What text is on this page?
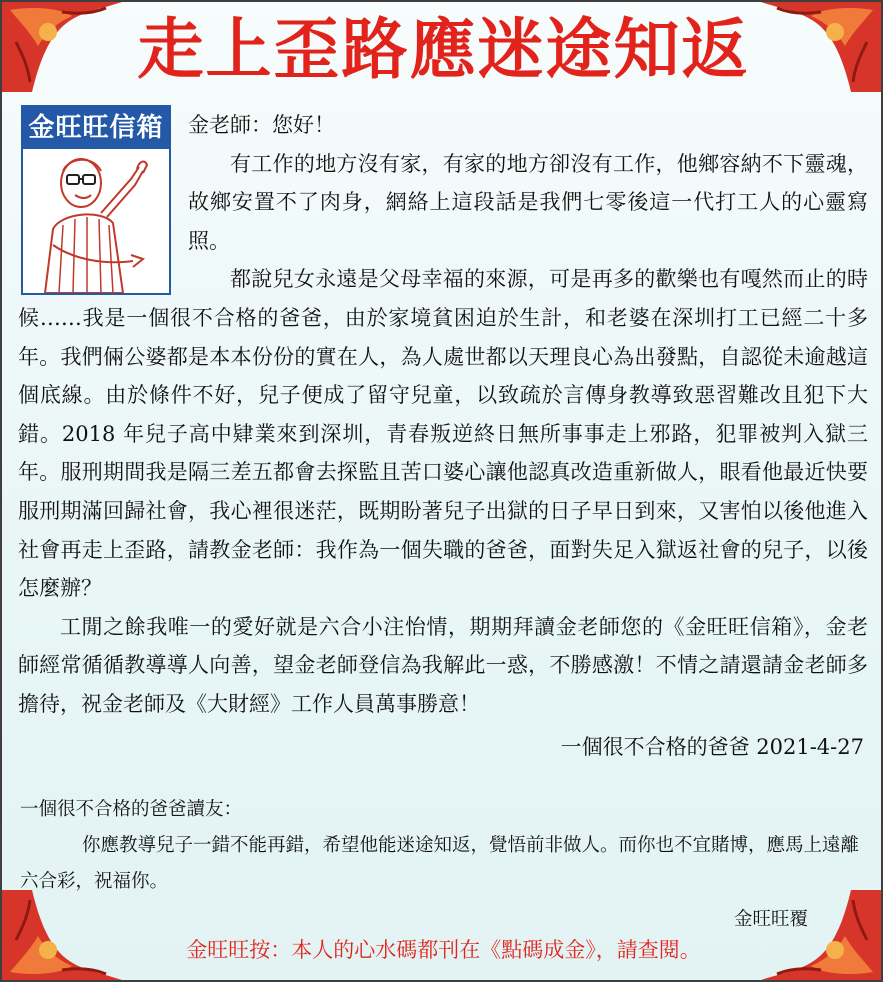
走上歪路應迷途知返
金旺旺信箱	金老師：您好！

有工作的地方沒有家，有家的地方卻沒有工作，他鄉容納不下靈魂，故鄉安置不了肉身，網絡上這段話是我們七零後這一代打工人的心靈寫照。

都說兒女永遠是父母幸福的來源，可是再多的歡樂也有嘎然而止的時候……我是一個很不合格的爸爸，由於家境貧困迫於生計，和老婆在深圳打工已經二十多年。我們倆公婆都是本本份份的實在人，為人處世都以天理良心為出發點，自認從未逾越這個底線。由於條件不好，兒子便成了留守兒童，以致疏於言傳身教導致惡習難改且犯下大錯。2018 年兒子高中肄業來到深圳，青春叛逆終日無所事事走上邪路，犯罪被判入獄三年。服刑期間我是隔三差五都會去探監且苦口婆心讓他認真改造重新做人，眼看他最近快要服刑期滿回歸社會，我心裡很迷茫，既期盼著兒子出獄的日子早日到來，又害怕以後他進入社會再走上歪路，請教金老師：我作為一個失職的爸爸，面對失足入獄返社會的兒子，以後怎麼辦？

工閒之餘我唯一的愛好就是六合小注怡情，期期拜讀金老師您的《金旺旺信箱》，金老師經常循循教導導人向善，望金老師登信為我解此一惑，不勝感激！不情之請還請金老師多擔待，祝金老師及《大財經》工作人員萬事勝意！

一個很不合格的爸爸 2021-4-27

一個很不合格的爸爸讀友：

你應教導兒子一錯不能再錯，希望他能迷途知返，覺悟前非做人。而你也不宜賭博，應馬上遠離六合彩，祝福你。

金旺旺覆

金旺旺按：本人的心水碼都刊在《點碼成金》，請查閱。
